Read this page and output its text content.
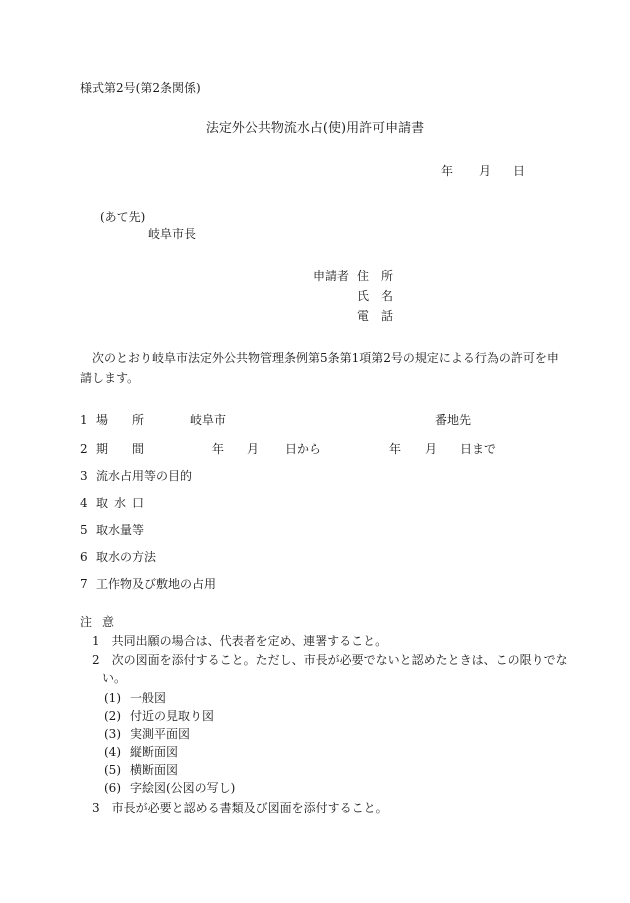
様式第2号(第2条関係)
法定外公共物流水占(使)用許可申請書
年 月 日
(あて先)
岐阜市長
申請者 住所
氏名
電話
次のとおり岐阜市法定外公共物管理条例第5条第1項第2号の規定による行為の許可を申
請します。
1 場所 岐阜市	番地先
2 期間	年 月 日から	年 月 日まで
3 流水占用等の目的
4 取水口
5 取水量等
6 取水の方法
7 工作物及び敷地の占用
注意
1　共同出願の場合は、代表者を定め、連署すること。
2　次の図面を添付すること。ただし、市長が必要でないと認めたときは、この限りでな
い。
(1) 一般図
(2) 付近の見取り図
(3) 実測平面図
(4) 縦断面図
(5) 横断面図
(6) 字絵図(公図の写し)
3　市長が必要と認める書類及び図面を添付すること。
